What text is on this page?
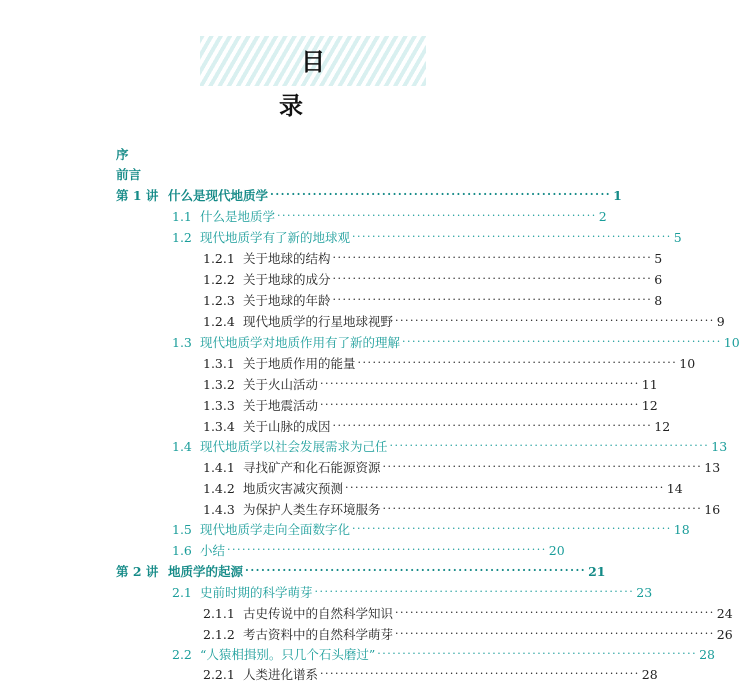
目 录
序
前言
第 1 讲 什么是现代地质学 ································································ 1
1.1 什么是地质学 ································································ 2
1.2 现代地质学有了新的地球观 ································································ 5
1.2.1 关于地球的结构 ································································ 5
1.2.2 关于地球的成分 ································································ 6
1.2.3 关于地球的年龄 ································································ 8
1.2.4 现代地质学的行星地球视野 ································································ 9
1.3 现代地质学对地质作用有了新的理解 ································································ 10
1.3.1 关于地质作用的能量 ································································ 10
1.3.2 关于火山活动 ································································ 11
1.3.3 关于地震活动 ································································ 12
1.3.4 关于山脉的成因 ································································ 12
1.4 现代地质学以社会发展需求为己任 ································································ 13
1.4.1 寻找矿产和化石能源资源 ································································ 13
1.4.2 地质灾害减灾预测 ································································ 14
1.4.3 为保护人类生存环境服务 ································································ 16
1.5 现代地质学走向全面数字化 ································································ 18
1.6 小结 ································································ 20
第 2 讲 地质学的起源 ································································ 21
2.1 史前时期的科学萌芽 ································································ 23
2.1.1 古史传说中的自然科学知识 ································································ 24
2.1.2 考古资料中的自然科学萌芽 ································································ 26
2.2 “人猿相揖别。只几个石头磨过” ································································ 28
2.2.1 人类进化谱系 ································································ 28
